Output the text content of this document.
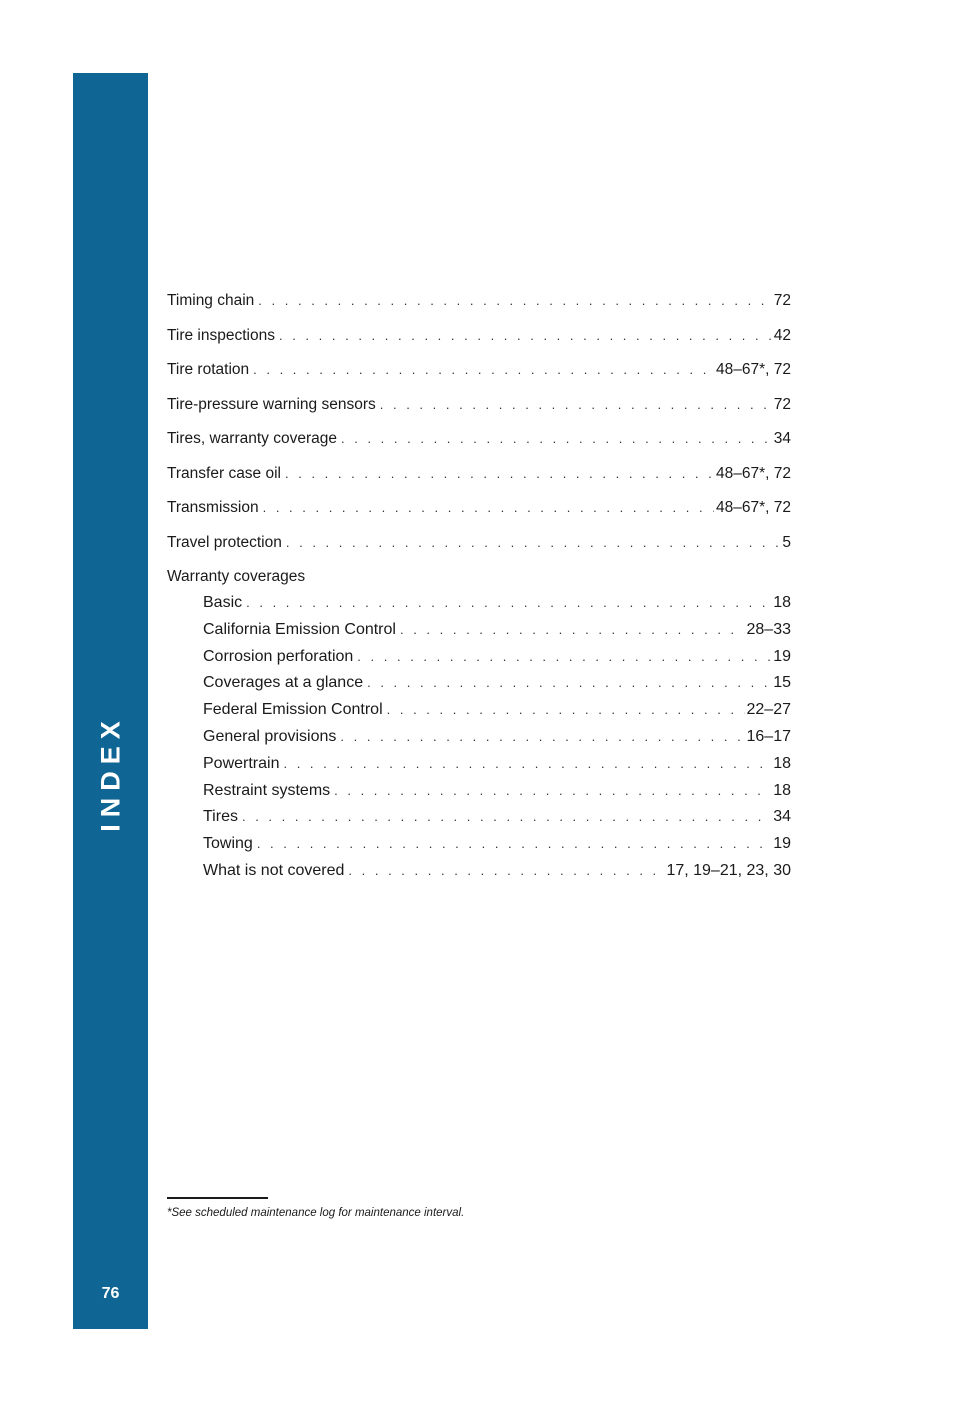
INDEX
76
Timing chain . . .	72
Tire inspections . . .	42
Tire rotation . . .	48–67*, 72
Tire-pressure warning sensors . . .	72
Tires, warranty coverage . . .	34
Transfer case oil . . .	48–67*, 72
Transmission . . .	48–67*, 72
Travel protection . . .	5
Warranty coverages
Basic . . .	18
California Emission Control . . .	28–33
Corrosion perforation . . .	19
Coverages at a glance . . .	15
Federal Emission Control . . .	22–27
General provisions . . .	16–17
Powertrain . . .	18
Restraint systems . . .	18
Tires . . .	34
Towing . . .	19
What is not covered . . .	17, 19–21, 23, 30
*See scheduled maintenance log for maintenance interval.
